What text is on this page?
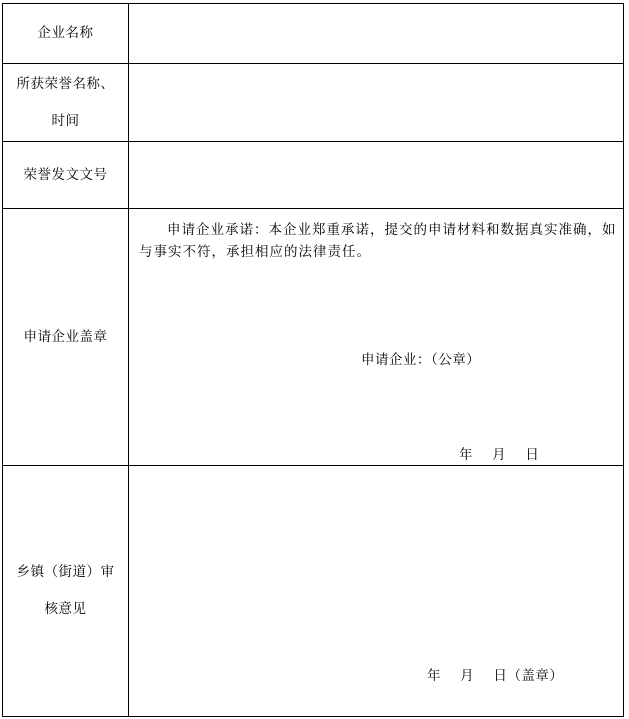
企业名称	

所获荣誉名称、
时间	

荣誉发文文号	

申请企业盖章	申请企业承诺：本企业郑重承诺，提交的申请材料和数据真实准确，如与事实不符，承担相应的法律责任。
申请企业：（公章）
年    月    日

乡镇（街道）审
核意见	年    月    日（盖章）
